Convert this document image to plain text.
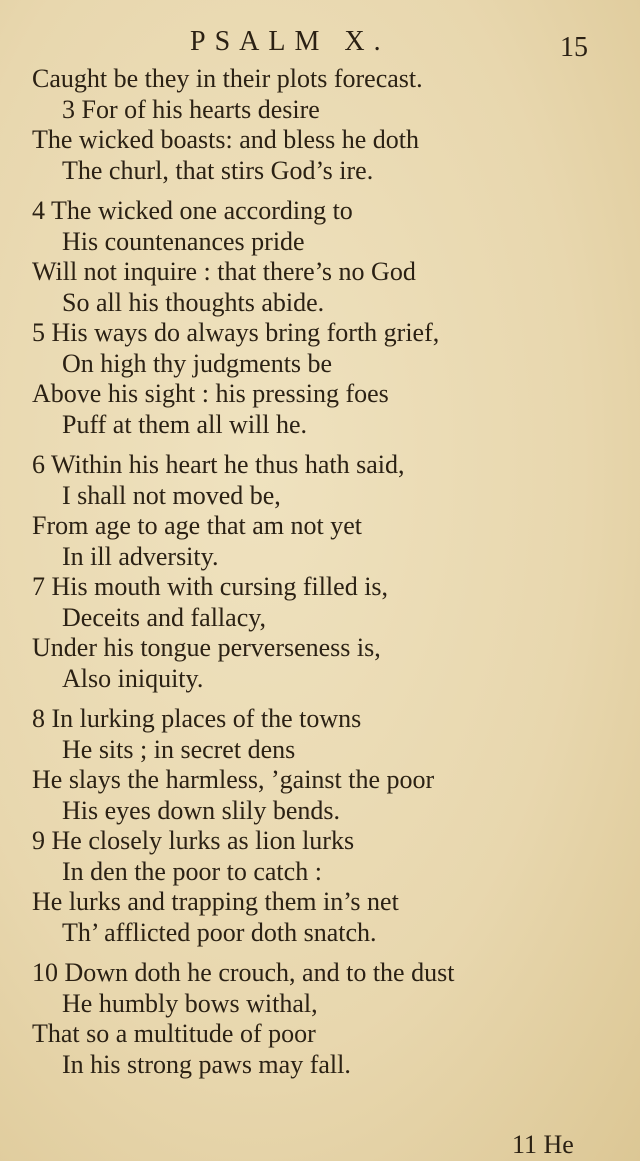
PSALM X.	15
Caught be they in their plots forecast.
3 For of his hearts desire
The wicked boasts: and bless he doth
The churl, that stirs God’s ire.
4 The wicked one according to
His countenances pride
Will not inquire : that there’s no God
So all his thoughts abide.
5 His ways do always bring forth grief,
On high thy judgments be
Above his sight : his pressing foes
Puff at them all will he.
6 Within his heart he thus hath said,
I shall not moved be,
From age to age that am not yet
In ill adversity.
7 His mouth with cursing filled is,
Deceits and fallacy,
Under his tongue perverseness is,
Also iniquity.
8 In lurking places of the towns
He sits ; in secret dens
He slays the harmless, ’gainst the poor
His eyes down slily bends.
9 He closely lurks as lion lurks
In den the poor to catch :
He lurks and trapping them in’s net
Th’ afflicted poor doth snatch.
10 Down doth he crouch, and to the dust
He humbly bows withal,
That so a multitude of poor
In his strong paws may fall.
11 He
